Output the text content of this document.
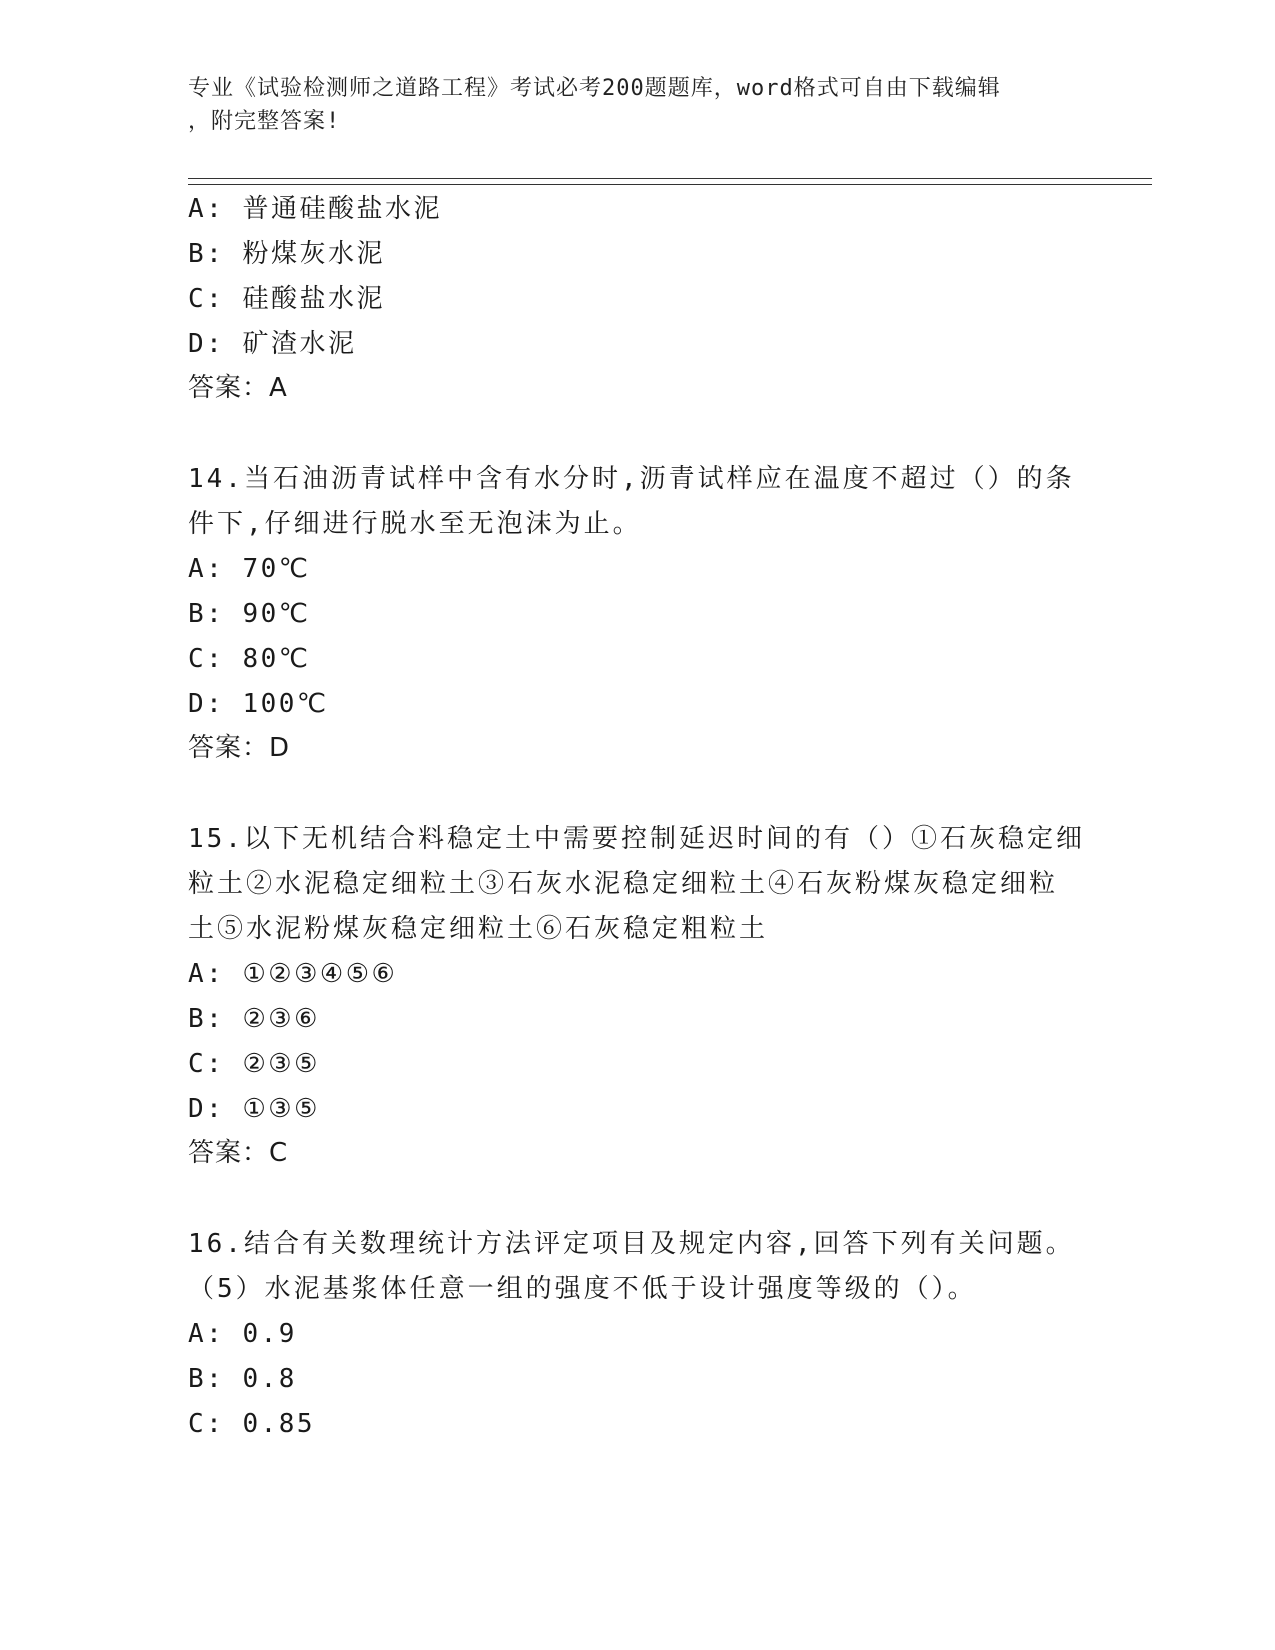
专业《试验检测师之道路工程》考试必考200题题库，word格式可自由下载编辑
，附完整答案!
A: 普通硅酸盐水泥
B: 粉煤灰水泥
C: 硅酸盐水泥
D: 矿渣水泥
答案：A
14.当石油沥青试样中含有水分时,沥青试样应在温度不超过（）的条
件下,仔细进行脱水至无泡沫为止。
A: 70℃
B: 90℃
C: 80℃
D: 100℃
答案：D
15.以下无机结合料稳定土中需要控制延迟时间的有（）①石灰稳定细
粒土②水泥稳定细粒土③石灰水泥稳定细粒土④石灰粉煤灰稳定细粒
土⑤水泥粉煤灰稳定细粒土⑥石灰稳定粗粒土
A: ①②③④⑤⑥
B: ②③⑥
C: ②③⑤
D: ①③⑤
答案：C
16.结合有关数理统计方法评定项目及规定内容,回答下列有关问题。
（5）水泥基浆体任意一组的强度不低于设计强度等级的（）。
A: 0.9
B: 0.8
C: 0.85
